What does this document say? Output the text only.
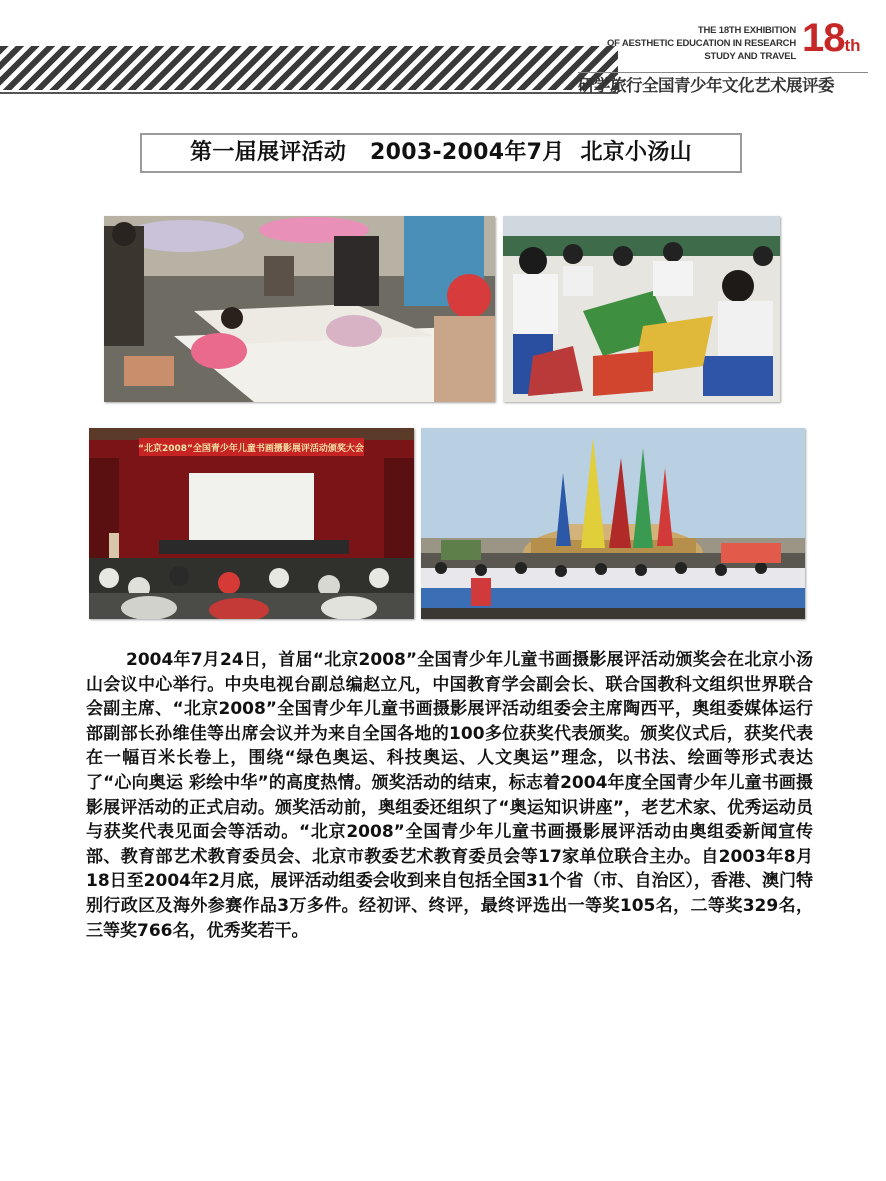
THE 18TH EXHIBITION
OF AESTHETIC EDUCATION IN RESEARCH
STUDY AND TRAVEL 18th
研学旅行全国青少年文化艺术展评委
第一届展评活动   2003-2004年7月  北京小汤山
“北京2008”全国青少年儿童书画摄影展评活动颁奖大会

2004年7月24日，首届“北京2008”全国青少年儿童书画摄影展评活动颁奖会在北京小汤山会议中心举行。中央电视台副总编赵立凡，中国教育学会副会长、联合国教科文组织世界联合会副主席、“北京2008”全国青少年儿童书画摄影展评活动组委会主席陶西平，奥组委媒体运行部副部长孙维佳等出席会议并为来自全国各地的100多位获奖代表颁奖。颁奖仪式后，获奖代表在一幅百米长卷上，围绕“绿色奥运、科技奥运、人文奥运”理念，以书法、绘画等形式表达了“心向奥运 彩绘中华”的高度热情。颁奖活动的结束，标志着2004年度全国青少年儿童书画摄影展评活动的正式启动。颁奖活动前，奥组委还组织了“奥运知识讲座”，老艺术家、优秀运动员与获奖代表见面会等活动。“北京2008”全国青少年儿童书画摄影展评活动由奥组委新闻宣传部、教育部艺术教育委员会、北京市教委艺术教育委员会等17家单位联合主办。自2003年8月18日至2004年2月底，展评活动组委会收到来自包括全国31个省（市、自治区），香港、澳门特别行政区及海外参赛作品3万多件。经初评、终评，最终评选出一等奖105名，二等奖329名，三等奖766名，优秀奖若干。
